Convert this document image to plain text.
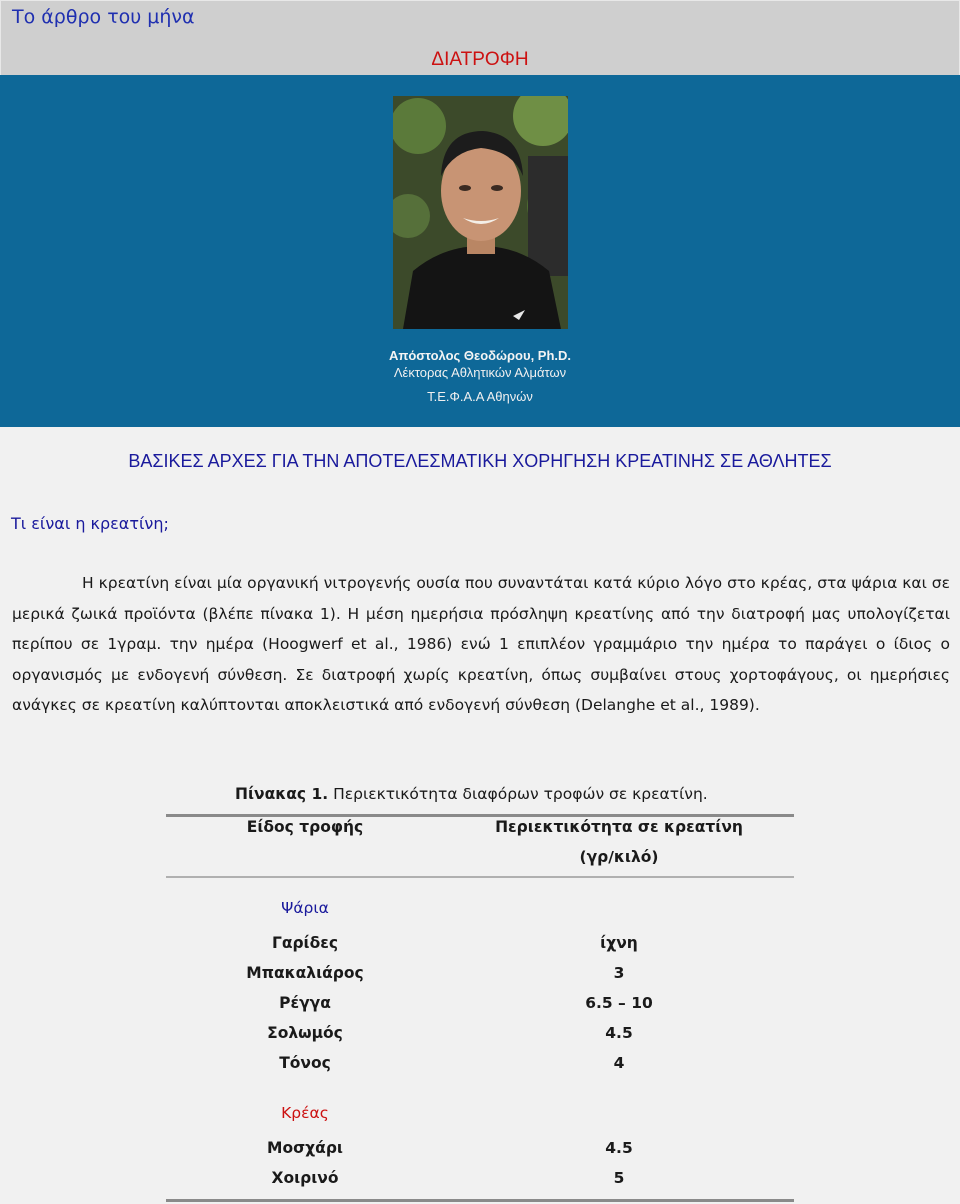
Το άρθρο του μήνα
ΔΙΑΤΡΟΦΗ
Απόστολος Θεοδώρου, Ph.D.
Λέκτορας Αθλητικών Αλμάτων
Τ.Ε.Φ.Α.Α Αθηνών
ΒΑΣΙΚΕΣ ΑΡΧΕΣ ΓΙΑ ΤΗΝ ΑΠΟΤΕΛΕΣΜΑΤΙΚΗ ΧΟΡΗΓΗΣΗ ΚΡΕΑΤΙΝΗΣ ΣΕ ΑΘΛΗΤΕΣ
Τι είναι η κρεατίνη;
Η κρεατίνη είναι μία οργανική νιτρογενής ουσία που συναντάται κατά κύριο λόγο στο κρέας, στα ψάρια και σε μερικά ζωικά προϊόντα (βλέπε πίνακα 1). Η μέση ημερήσια πρόσληψη κρεατίνης από την διατροφή μας υπολογίζεται περίπου σε 1γραμ. την ημέρα (Hoogwerf et al., 1986) ενώ 1 επιπλέον γραμμάριο την ημέρα το παράγει ο ίδιος ο οργανισμός με ενδογενή σύνθεση. Σε διατροφή χωρίς κρεατίνη, όπως συμβαίνει στους χορτοφάγους, οι ημερήσιες ανάγκες σε κρεατίνη καλύπτονται αποκλειστικά από ενδογενή σύνθεση (Delanghe et al., 1989).
Πίνακας 1. Περιεκτικότητα διαφόρων τροφών σε κρεατίνη.
Είδος τροφής	Περιεκτικότητα σε κρεατίνη
(γρ/κιλό)
Ψάρια
Γαρίδες	ίχνη
Μπακαλιάρος	3
Ρέγγα	6.5 – 10
Σολωμός	4.5
Τόνος	4
Κρέας
Μοσχάρι	4.5
Χοιρινό	5
